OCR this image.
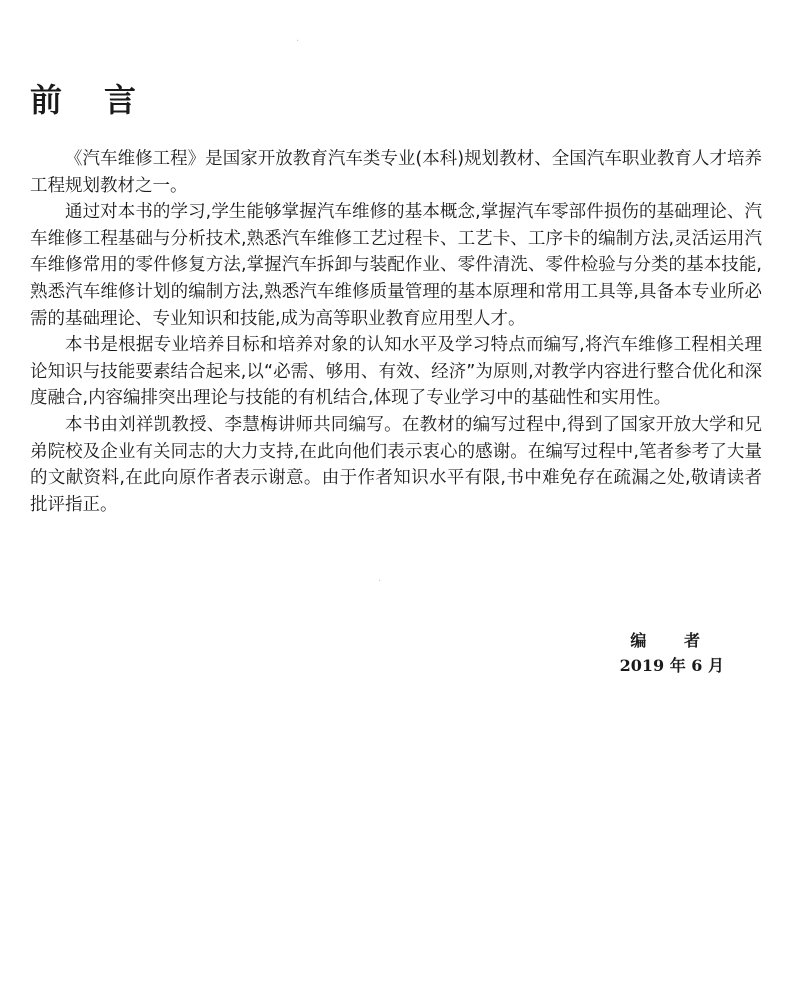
·
·
前 言

《汽车维修工程》是国家开放教育汽车类专业(本科)规划教材、全国汽车职业教育人才培养工程规划教材之一。

通过对本书的学习,学生能够掌握汽车维修的基本概念,掌握汽车零部件损伤的基础理论、汽车维修工程基础与分析技术,熟悉汽车维修工艺过程卡、工艺卡、工序卡的编制方法,灵活运用汽车维修常用的零件修复方法,掌握汽车拆卸与装配作业、零件清洗、零件检验与分类的基本技能,熟悉汽车维修计划的编制方法,熟悉汽车维修质量管理的基本原理和常用工具等,具备本专业所必需的基础理论、专业知识和技能,成为高等职业教育应用型人才。

本书是根据专业培养目标和培养对象的认知水平及学习特点而编写,将汽车维修工程相关理论知识与技能要素结合起来,以“必需、够用、有效、经济”为原则,对教学内容进行整合优化和深度融合,内容编排突出理论与技能的有机结合,体现了专业学习中的基础性和实用性。

本书由刘祥凯教授、李慧梅讲师共同编写。在教材的编写过程中,得到了国家开放大学和兄弟院校及企业有关同志的大力支持,在此向他们表示衷心的感谢。在编写过程中,笔者参考了大量的文献资料,在此向原作者表示谢意。由于作者知识水平有限,书中难免存在疏漏之处,敬请读者批评指正。

编 者
2019 年 6 月
